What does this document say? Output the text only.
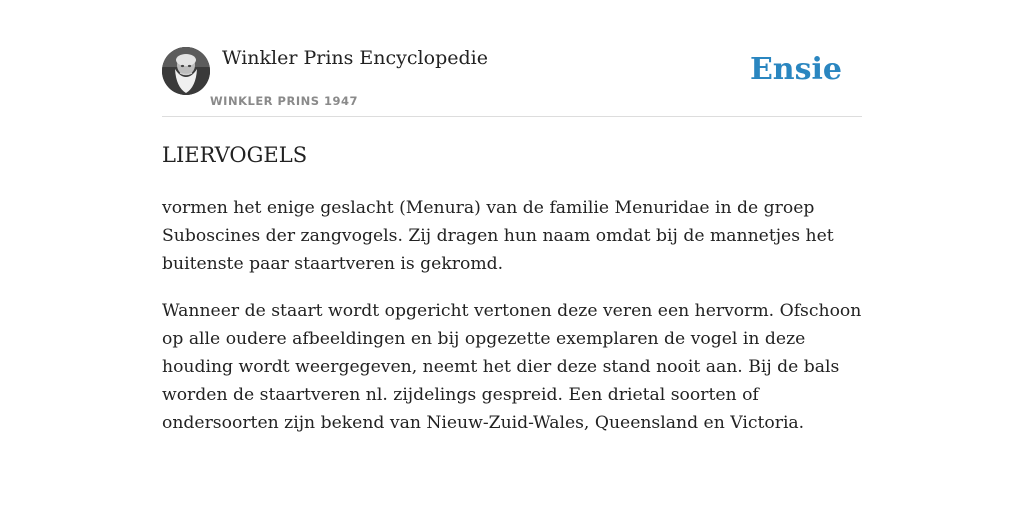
Winkler Prins Encyclopedie
WINKLER PRINS 1947
Ensie
LIERVOGELS

vormen het enige geslacht (Menura) van de familie Menuridae in de groep Suboscines der zangvogels. Zij dragen hun naam omdat bij de mannetjes het buitenste paar staartveren is gekromd.

Wanneer de staart wordt opgericht vertonen deze veren een hervorm. Ofschoon op alle oudere afbeeldingen en bij opgezette exemplaren de vogel in deze houding wordt weergegeven, neemt het dier deze stand nooit aan. Bij de bals worden de staartveren nl. zijdelings gespreid. Een drietal soorten of ondersoorten zijn bekend van Nieuw-Zuid-Wales, Queensland en Victoria.
